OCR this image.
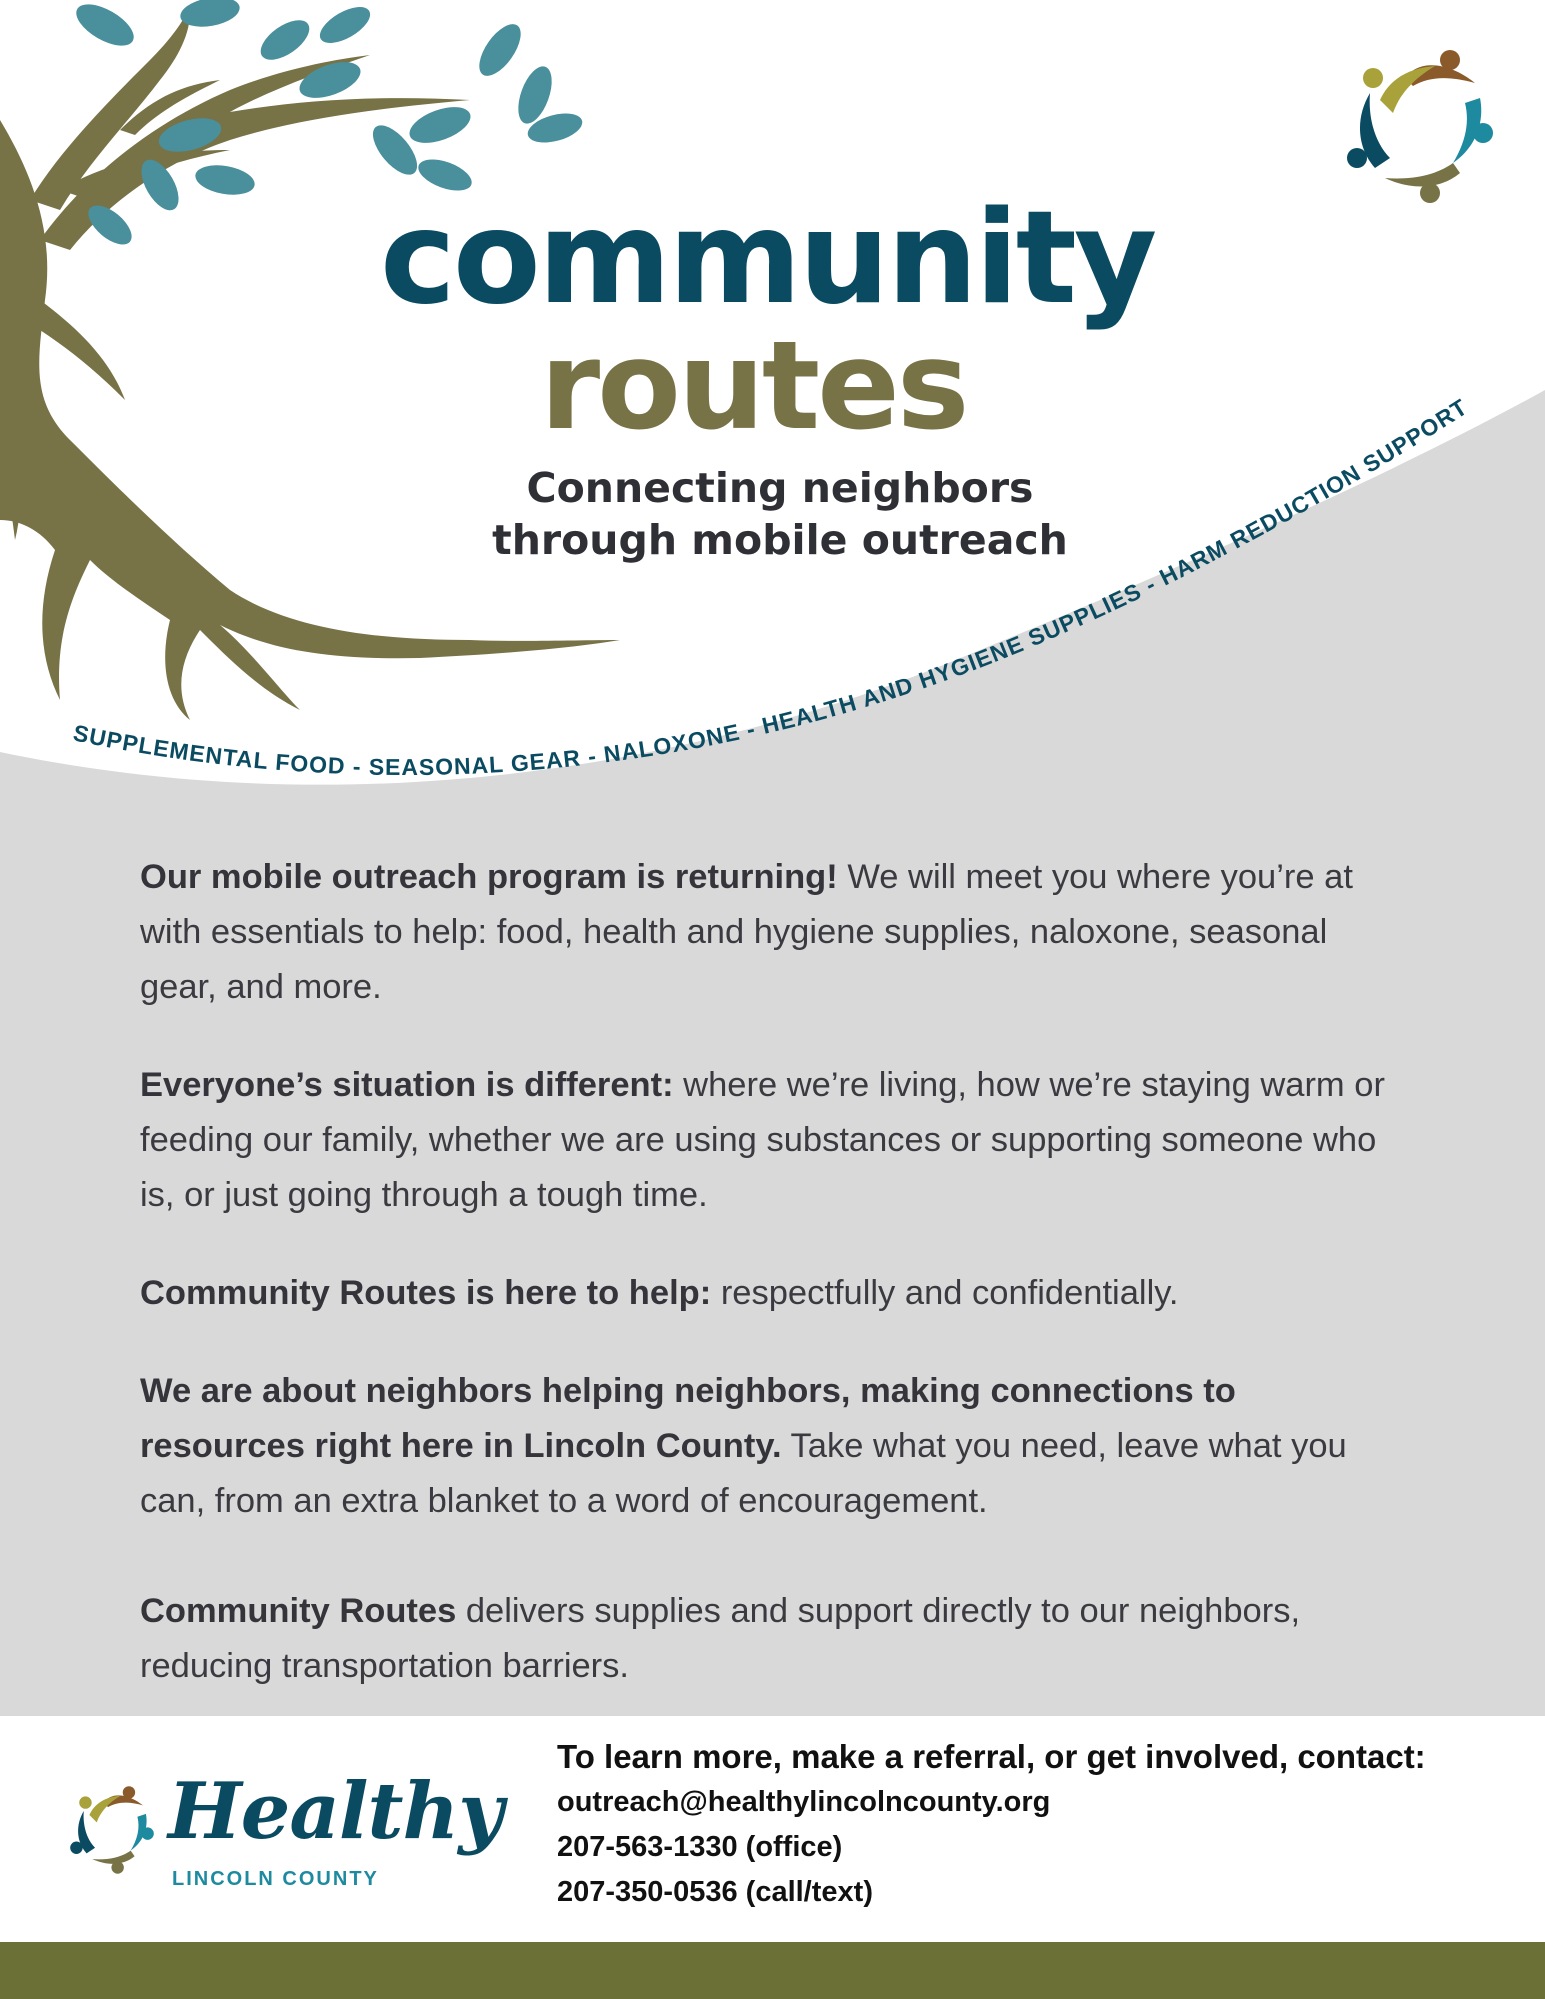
SUPPLEMENTAL FOOD - SEASONAL GEAR - NALOXONE - HEALTH AND HYGIENE SUPPLIES - HARM REDUCTION SUPPORT
community
routes
Connecting neighbors
through mobile outreach

Our mobile outreach program is returning! We will meet you where you’re at with essentials to help: food, health and hygiene supplies, naloxone, seasonal gear, and more.

Everyone’s situation is different: where we’re living, how we’re staying warm or feeding our family, whether we are using substances or supporting someone who is, or just going through a tough time.

Community Routes is here to help: respectfully and confidentially.

We are about neighbors helping neighbors, making connections to resources right here in Lincoln County. Take what you need, leave what you can, from an extra blanket to a word of encouragement.

Community Routes delivers supplies and support directly to our neighbors, reducing transportation barriers.

Healthy
LINCOLN COUNTY
To learn more, make a referral, or get involved, contact:
outreach@healthylincolncounty.org
207-563-1330 (office)
207-350-0536 (call/text)
